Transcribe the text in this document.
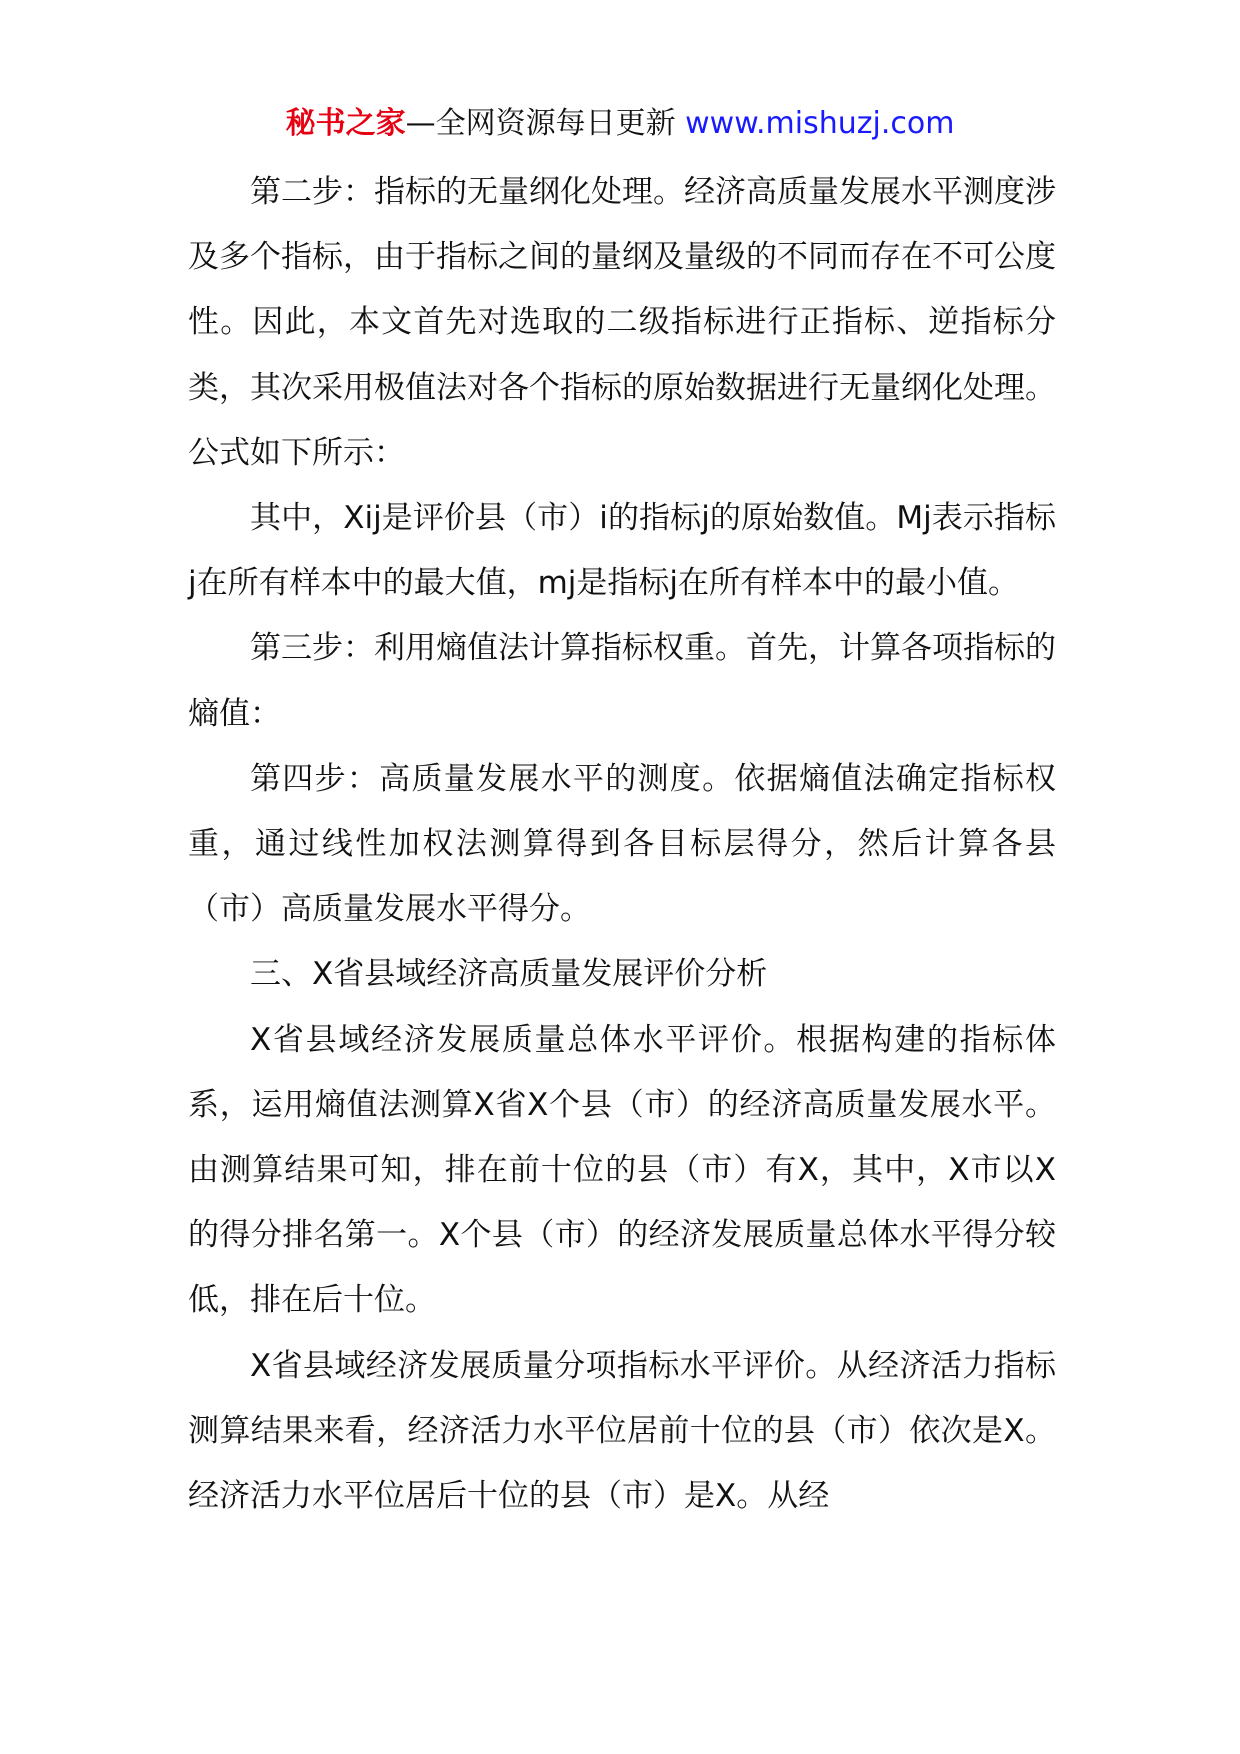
秘书之家—全网资源每日更新 www.mishuzj.com

第二步：指标的无量纲化处理。经济高质量发展水平测度涉及多个指标，由于指标之间的量纲及量级的不同而存在不可公度性。因此，本文首先对选取的二级指标进行正指标、逆指标分类，其次采用极值法对各个指标的原始数据进行无量纲化处理。公式如下所示：

其中，Xij是评价县（市）i的指标j的原始数值。Mj表示指标j在所有样本中的最大值，mj是指标j在所有样本中的最小值。

第三步：利用熵值法计算指标权重。首先，计算各项指标的熵值：

第四步：高质量发展水平的测度。依据熵值法确定指标权重，通过线性加权法测算得到各目标层得分，然后计算各县（市）高质量发展水平得分。

三、X省县域经济高质量发展评价分析

X省县域经济发展质量总体水平评价。根据构建的指标体系，运用熵值法测算X省X个县（市）的经济高质量发展水平。由测算结果可知，排在前十位的县（市）有X，其中，X市以X的得分排名第一。X个县（市）的经济发展质量总体水平得分较低，排在后十位。

X省县域经济发展质量分项指标水平评价。从经济活力指标测算结果来看，经济活力水平位居前十位的县（市）依次是X。经济活力水平位居后十位的县（市）是X。从经
